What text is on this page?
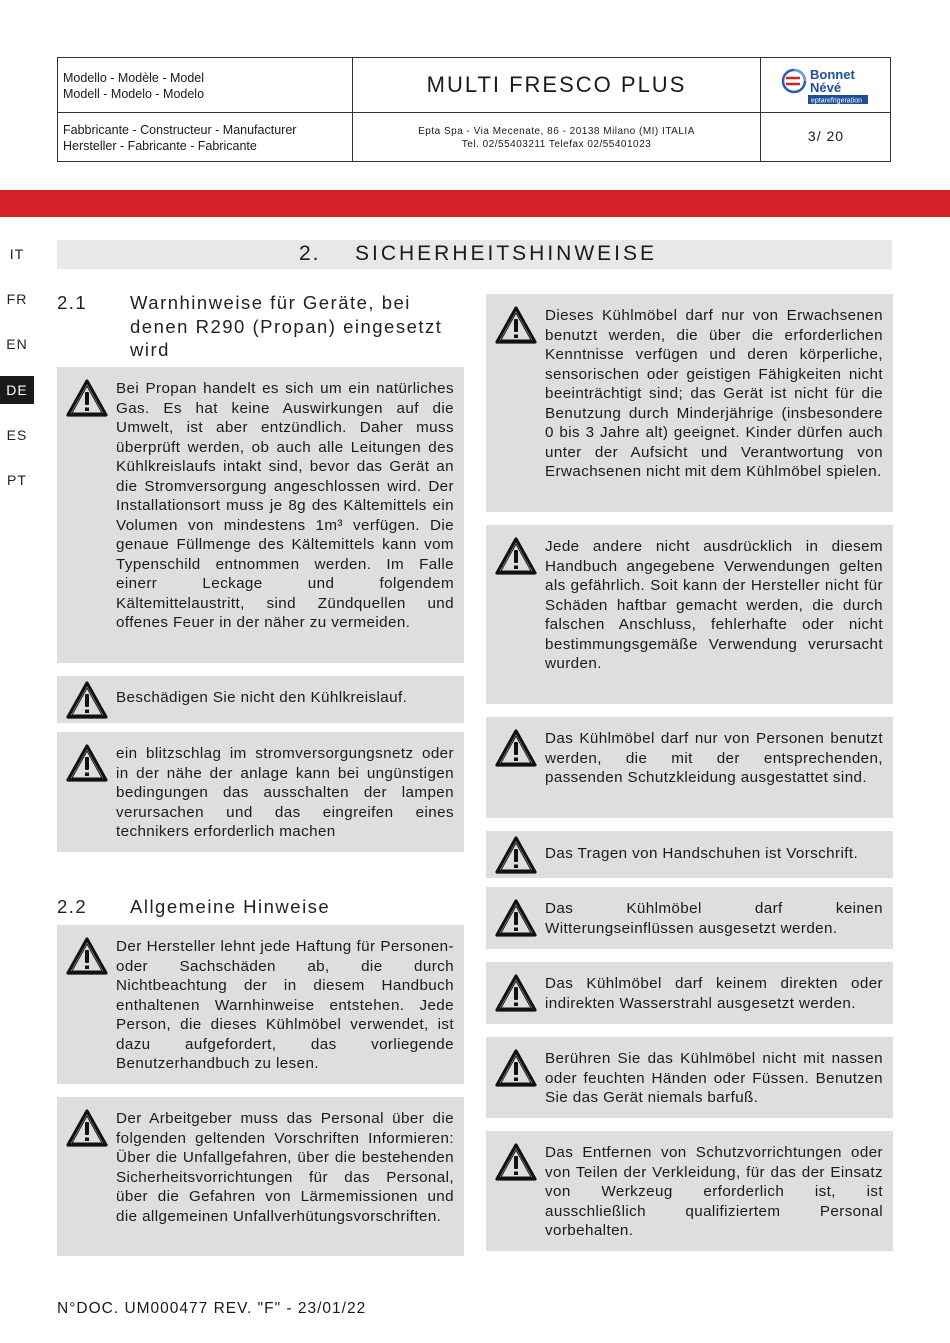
Modello - Modèle - Model
Modell - Modelo - Modelo	MULTI FRESCO PLUS	Bonnet
Névé
eptarefrigeration
Fabbricante - Constructeur - Manufacturer
Hersteller - Fabricante - Fabricante
Epta Spa - Via Mecenate, 86 - 20138 Milano (MI) ITALIA
Tel. 02/55403211 Telefax 02/55401023
3/ 20
IT
FR
EN
DE
ES
PT
2. SICHERHEITSHINWEISE
2.1 Warnhinweise für Geräte, bei denen R290 (Propan) eingesetzt wird
Bei Propan handelt es sich um ein natürliches Gas. Es hat keine Auswirkungen auf die Umwelt, ist aber entzündlich. Daher muss überprüft werden, ob auch alle Leitungen des Kühlkreislaufs intakt sind, bevor das Gerät an die Stromversorgung angeschlossen wird. Der Installationsort muss je 8g des Kältemittels ein Volumen von mindestens 1m³ verfügen. Die genaue Füllmenge des Kältemittels kann vom Typenschild entnommen werden. Im Falle einerr Leckage und folgendem Kältemittelaustritt, sind Zündquellen und offenes Feuer in der näher zu vermeiden.
Beschädigen Sie nicht den Kühlkreislauf.
ein blitzschlag im stromversorgungsnetz oder in der nähe der anlage kann bei ungünstigen bedingungen das ausschalten der lampen verursachen und das eingreifen eines technikers erforderlich machen
2.2 Allgemeine Hinweise
Der Hersteller lehnt jede Haftung für Personen- oder Sachschäden ab, die durch Nichtbeachtung der in diesem Handbuch enthaltenen Warnhinweise entstehen. Jede Person, die dieses Kühlmöbel verwendet, ist dazu aufgefordert, das vorliegende Benutzerhandbuch zu lesen.
Der Arbeitgeber muss das Personal über die folgenden geltenden Vorschriften Informieren: Über die Unfallgefahren, über die bestehenden Sicherheitsvorrichtungen für das Personal, über die Gefahren von Lärmemissionen und die allgemeinen Unfallverhütungsvorschriften.
Dieses Kühlmöbel darf nur von Erwachsenen benutzt werden, die über die erforderlichen Kenntnisse verfügen und deren körperliche, sensorischen oder geistigen Fähigkeiten nicht beeinträchtigt sind; das Gerät ist nicht für die Benutzung durch Minderjährige (insbesondere 0 bis 3 Jahre alt) geeignet. Kinder dürfen auch unter der Aufsicht und Verantwortung von Erwachsenen nicht mit dem Kühlmöbel spielen.
Jede andere nicht ausdrücklich in diesem Handbuch angegebene Verwendungen gelten als gefährlich. Soit kann der Hersteller nicht für Schäden haftbar gemacht werden, die durch falschen Anschluss, fehlerhafte oder nicht bestimmungsgemäße Verwendung verursacht wurden.
Das Kühlmöbel darf nur von Personen benutzt werden, die mit der entsprechenden, passenden Schutzkleidung ausgestattet sind.
Das Tragen von Handschuhen ist Vorschrift.
Das Kühlmöbel darf keinen Witterungseinflüssen ausgesetzt werden.
Das Kühlmöbel darf keinem direkten oder indirekten Wasserstrahl ausgesetzt werden.
Berühren Sie das Kühlmöbel nicht mit nassen oder feuchten Händen oder Füssen. Benutzen Sie das Gerät niemals barfuß.
Das Entfernen von Schutzvorrichtungen oder von Teilen der Verkleidung, für das der Einsatz von Werkzeug erforderlich ist, ist ausschließlich qualifiziertem Personal vorbehalten.
N°DOC. UM000477 REV. "F" - 23/01/22
